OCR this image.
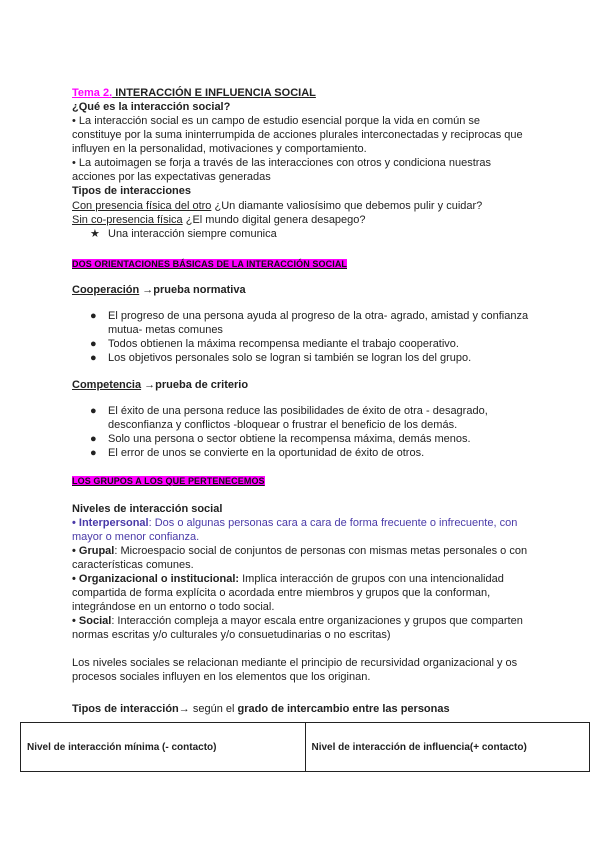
Tema 2. INTERACCIÓN E INFLUENCIA SOCIAL

¿Qué es la interacción social?

• La interacción social es un campo de estudio esencial porque la vida en común se constituye por la suma ininterrumpida de acciones plurales interconectadas y reciprocas que influyen en la personalidad, motivaciones y comportamiento.

• La autoimagen se forja a través de las interacciones con otros y condiciona nuestras acciones por las expectativas generadas

Tipos de interacciones

Con presencia física del otro ¿Un diamante valiosísimo que debemos pulir y cuidar?

Sin co-presencia física ¿El mundo digital genera desapego?

★ Una interacción siempre comunica

DOS ORIENTACIONES BÁSICAS DE LA INTERACCIÓN SOCIAL

Cooperación →prueba normativa

● El progreso de una persona ayuda al progreso de la otra- agrado, amistad y confianza mutua- metas comunes
● Todos obtienen la máxima recompensa mediante el trabajo cooperativo.
● Los objetivos personales solo se logran si también se logran los del grupo.

Competencia →prueba de criterio

● El éxito de una persona reduce las posibilidades de éxito de otra - desagrado, desconfianza y conflictos -bloquear o frustrar el beneficio de los demás.
● Solo una persona o sector obtiene la recompensa máxima, demás menos.
● El error de unos se convierte en la oportunidad de éxito de otros.

LOS GRUPOS A LOS QUE PERTENECEMOS

Niveles de interacción social

• Interpersonal: Dos o algunas personas cara a cara de forma frecuente o infrecuente, con mayor o menor confianza.

• Grupal: Microespacio social de conjuntos de personas con mismas metas personales o con características comunes.

• Organizacional o institucional: Implica interacción de grupos con una intencionalidad compartida de forma explícita o acordada entre miembros y grupos que la conforman, integrándose en un entorno o todo social.

• Social: Interacción compleja a mayor escala entre organizaciones y grupos que comparten normas escritas y/o culturales y/o consuetudinarias o no escritas)

Los niveles sociales se relacionan mediante el principio de recursividad organizacional y os procesos sociales influyen en los elementos que los originan.

Tipos de interacción→ según el grado de intercambio entre las personas

Nivel de interacción mínima (- contacto)	Nivel de interacción de influencia(+ contacto)
